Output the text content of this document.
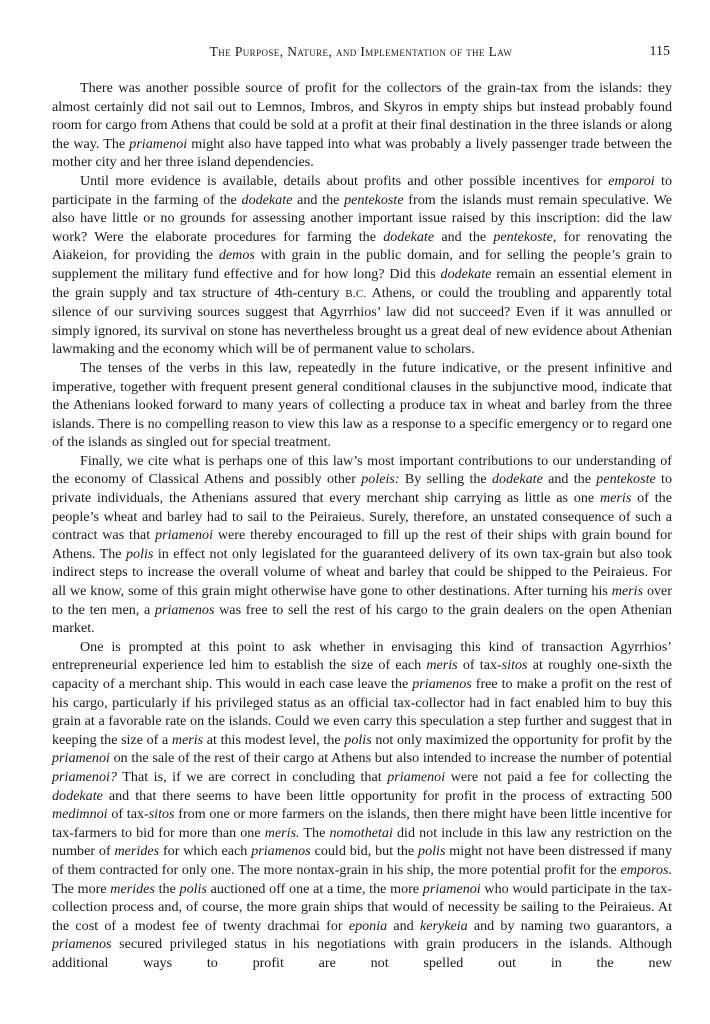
The Purpose, Nature, and Implementation of the Law	115

There was another possible source of profit for the collectors of the grain-tax from the islands: they almost certainly did not sail out to Lemnos, Imbros, and Skyros in empty ships but instead probably found room for cargo from Athens that could be sold at a profit at their final destination in the three islands or along the way. The priamenoi might also have tapped into what was probably a lively passenger trade between the mother city and her three island dependencies.

Until more evidence is available, details about profits and other possible incentives for emporoi to participate in the farming of the dodekate and the pentekoste from the islands must remain speculative. We also have little or no grounds for assessing another important issue raised by this inscription: did the law work? Were the elaborate procedures for farming the dodekate and the pentekoste, for renovating the Aiakeion, for providing the demos with grain in the public domain, and for selling the people’s grain to supplement the military fund effective and for how long? Did this dodekate remain an essential element in the grain supply and tax structure of 4th-century B.C. Athens, or could the troubling and apparently total silence of our surviving sources suggest that Agyrrhios’ law did not succeed? Even if it was annulled or simply ignored, its survival on stone has nevertheless brought us a great deal of new evidence about Athenian lawmaking and the economy which will be of permanent value to scholars.

The tenses of the verbs in this law, repeatedly in the future indicative, or the present infinitive and imperative, together with frequent present general conditional clauses in the subjunctive mood, indicate that the Athenians looked forward to many years of collecting a produce tax in wheat and barley from the three islands. There is no compelling reason to view this law as a response to a specific emergency or to regard one of the islands as singled out for special treatment.

Finally, we cite what is perhaps one of this law’s most important contributions to our understanding of the economy of Classical Athens and possibly other poleis: By selling the dodekate and the pentekoste to private individuals, the Athenians assured that every merchant ship carrying as little as one meris of the people’s wheat and barley had to sail to the Peiraieus. Surely, therefore, an unstated consequence of such a contract was that priamenoi were thereby encouraged to fill up the rest of their ships with grain bound for Athens. The polis in effect not only legislated for the guaranteed delivery of its own tax-grain but also took indirect steps to increase the overall volume of wheat and barley that could be shipped to the Peiraieus. For all we know, some of this grain might otherwise have gone to other destinations. After turning his meris over to the ten men, a priamenos was free to sell the rest of his cargo to the grain dealers on the open Athenian market.

One is prompted at this point to ask whether in envisaging this kind of transaction Agyrrhios’ entrepreneurial experience led him to establish the size of each meris of tax-sitos at roughly one-sixth the capacity of a merchant ship. This would in each case leave the priamenos free to make a profit on the rest of his cargo, particularly if his privileged status as an official tax-collector had in fact enabled him to buy this grain at a favorable rate on the islands. Could we even carry this speculation a step further and suggest that in keeping the size of a meris at this modest level, the polis not only maximized the opportunity for profit by the priamenoi on the sale of the rest of their cargo at Athens but also intended to increase the number of potential priamenoi? That is, if we are correct in concluding that priamenoi were not paid a fee for collecting the dodekate and that there seems to have been little opportunity for profit in the process of extracting 500 medimnoi of tax-sitos from one or more farmers on the islands, then there might have been little incentive for tax-farmers to bid for more than one meris. The nomothetai did not include in this law any restriction on the number of merides for which each priamenos could bid, but the polis might not have been distressed if many of them contracted for only one. The more nontax-grain in his ship, the more potential profit for the emporos. The more merides the polis auctioned off one at a time, the more priamenoi who would participate in the tax-collection process and, of course, the more grain ships that would of necessity be sailing to the Peiraieus. At the cost of a modest fee of twenty drachmai for eponia and kerykeia and by naming two guarantors, a priamenos secured privileged status in his negotiations with grain producers in the islands. Although additional ways to profit are not spelled out in the new
